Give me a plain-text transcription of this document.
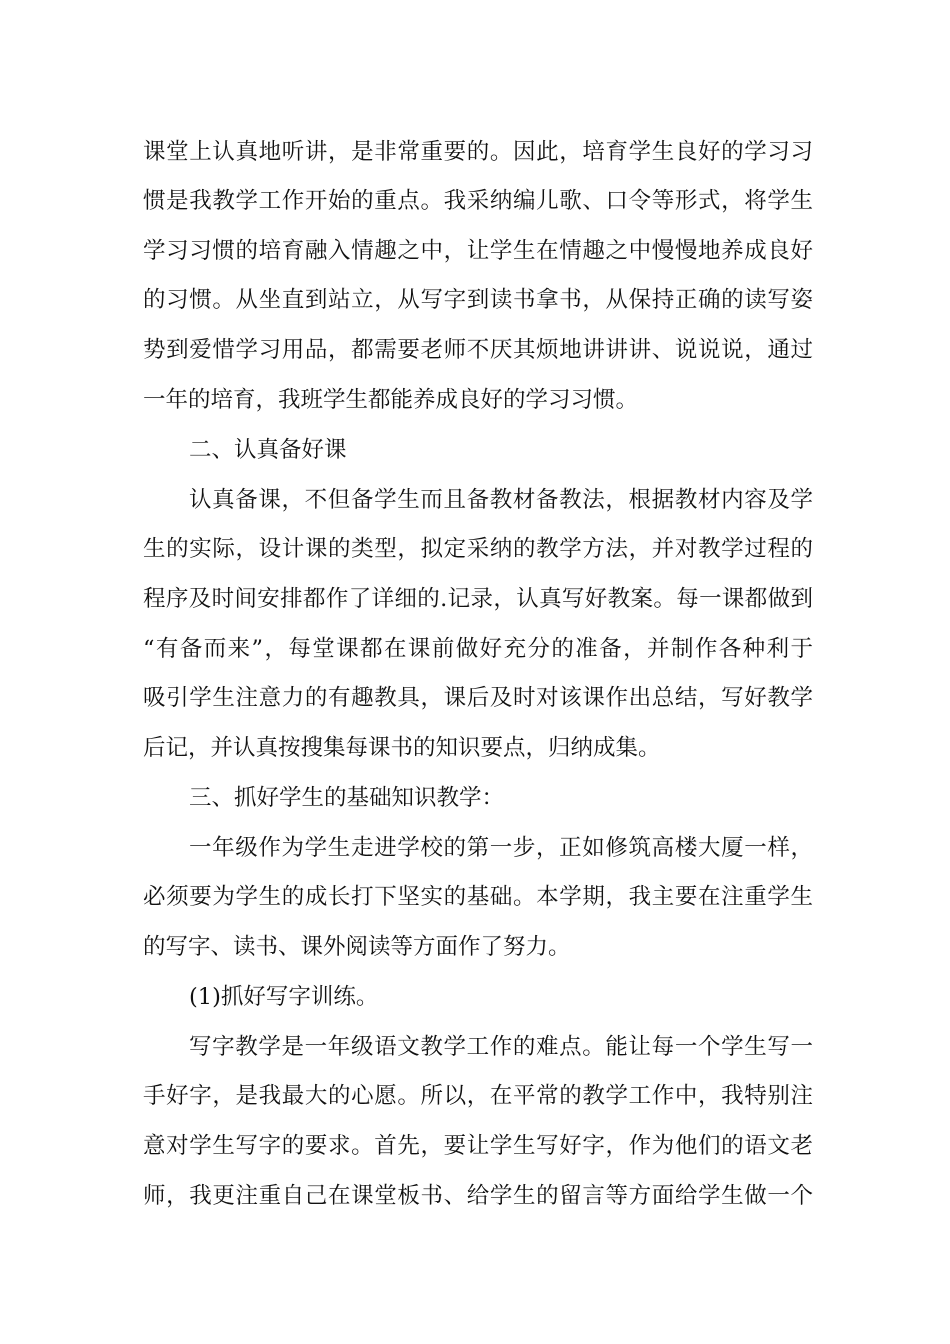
课堂上认真地听讲，是非常重要的。因此，培育学生良好的学习习
惯是我教学工作开始的重点。我采纳编儿歌、口令等形式，将学生
学习习惯的培育融入情趣之中，让学生在情趣之中慢慢地养成良好
的习惯。从坐直到站立，从写字到读书拿书，从保持正确的读写姿
势到爱惜学习用品，都需要老师不厌其烦地讲讲讲、说说说，通过
一年的培育，我班学生都能养成良好的学习习惯。
二、认真备好课
认真备课，不但备学生而且备教材备教法，根据教材内容及学
生的实际，设计课的类型，拟定采纳的教学方法，并对教学过程的
程序及时间安排都作了详细的.记录，认真写好教案。每一课都做到
“有备而来”，每堂课都在课前做好充分的准备，并制作各种利于
吸引学生注意力的有趣教具，课后及时对该课作出总结，写好教学
后记，并认真按搜集每课书的知识要点，归纳成集。
三、抓好学生的基础知识教学：
一年级作为学生走进学校的第一步，正如修筑高楼大厦一样，
必须要为学生的成长打下坚实的基础。本学期，我主要在注重学生
的写字、读书、课外阅读等方面作了努力。
(1)抓好写字训练。
写字教学是一年级语文教学工作的难点。能让每一个学生写一
手好字，是我最大的心愿。所以，在平常的教学工作中，我特别注
意对学生写字的要求。首先，要让学生写好字，作为他们的语文老
师，我更注重自己在课堂板书、给学生的留言等方面给学生做一个
